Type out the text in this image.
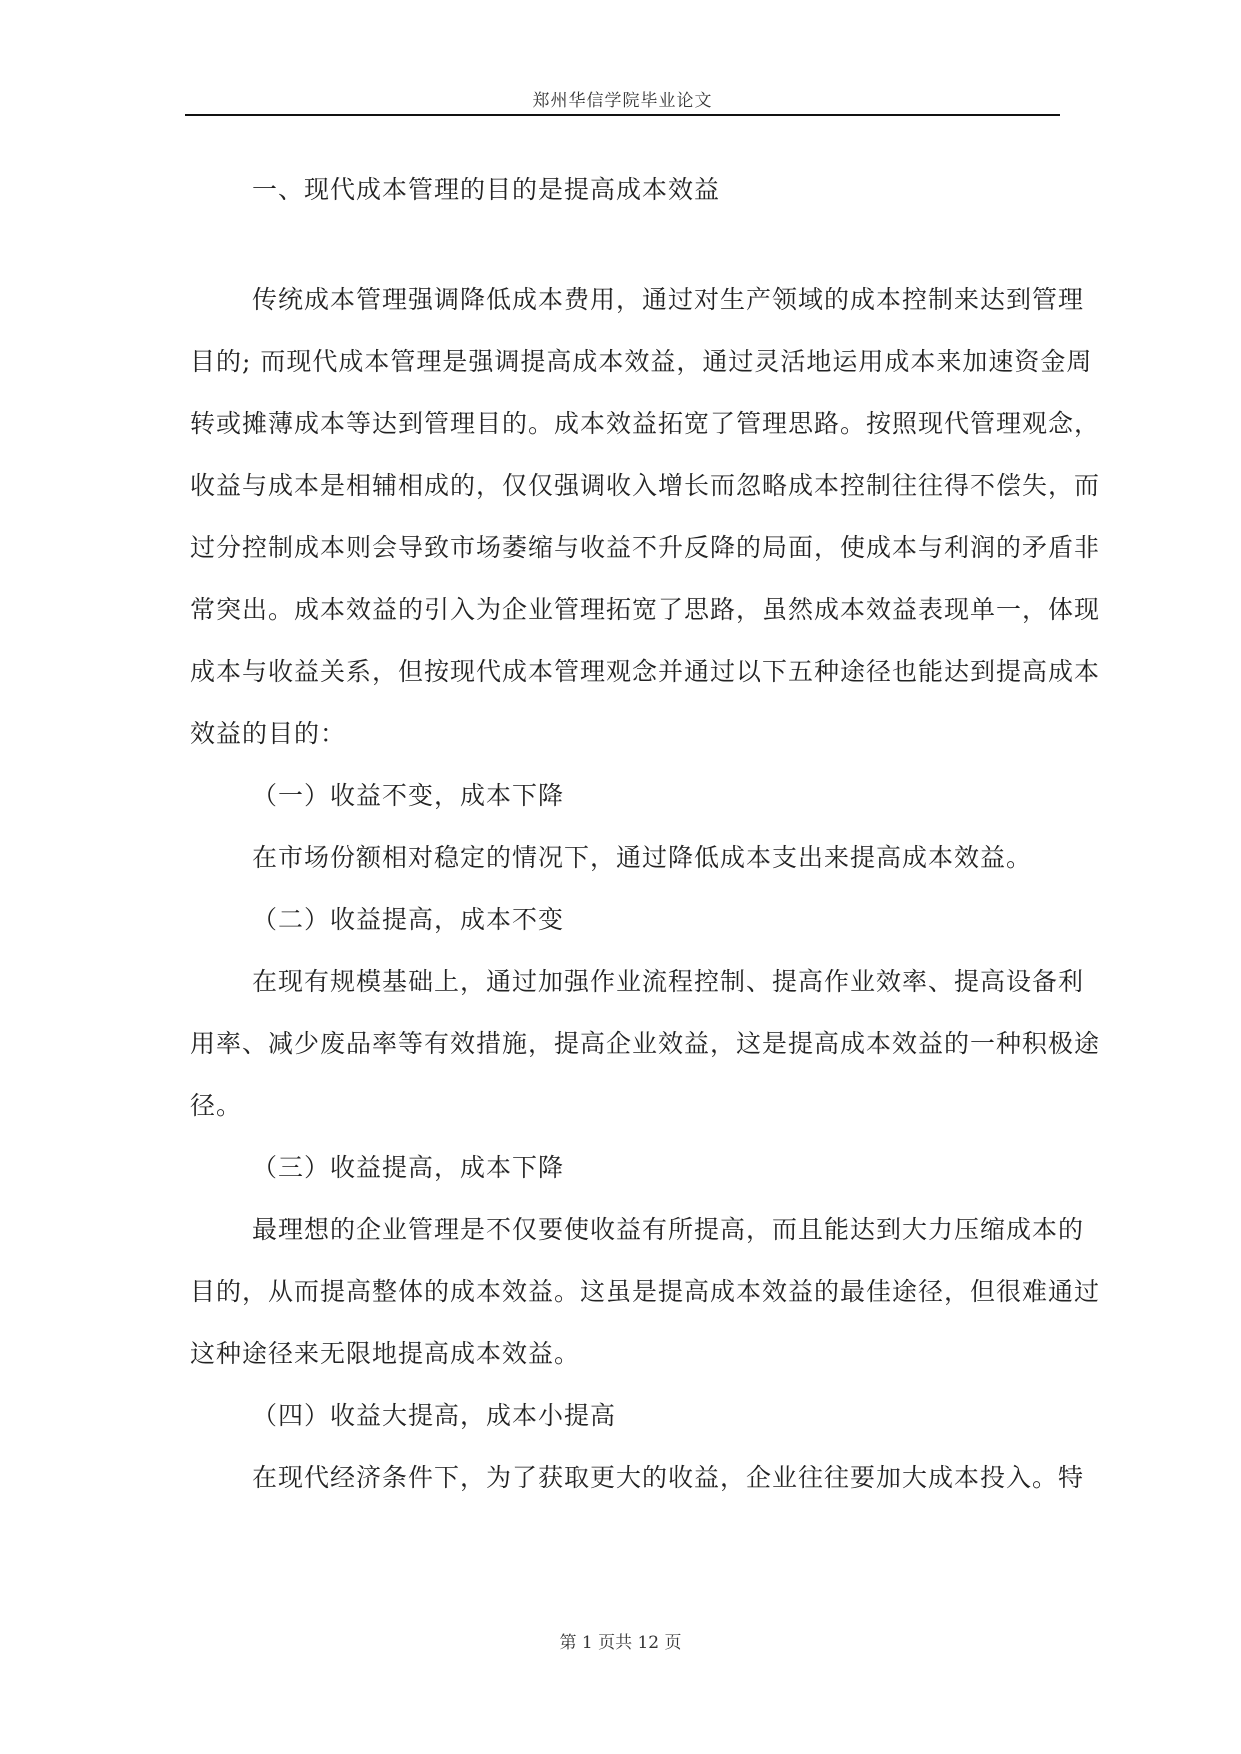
郑州华信学院毕业论文
一、现代成本管理的目的是提高成本效益
传统成本管理强调降低成本费用，通过对生产领域的成本控制来达到管理
目的; 而现代成本管理是强调提高成本效益，通过灵活地运用成本来加速资金周
转或摊薄成本等达到管理目的。成本效益拓宽了管理思路。按照现代管理观念，
收益与成本是相辅相成的，仅仅强调收入增长而忽略成本控制往往得不偿失，而
过分控制成本则会导致市场萎缩与收益不升反降的局面，使成本与利润的矛盾非
常突出。成本效益的引入为企业管理拓宽了思路，虽然成本效益表现单一，体现
成本与收益关系，但按现代成本管理观念并通过以下五种途径也能达到提高成本
效益的目的：
（一）收益不变，成本下降
在市场份额相对稳定的情况下，通过降低成本支出来提高成本效益。
（二）收益提高，成本不变
在现有规模基础上，通过加强作业流程控制、提高作业效率、提高设备利
用率、减少废品率等有效措施，提高企业效益，这是提高成本效益的一种积极途
径。
（三）收益提高，成本下降
最理想的企业管理是不仅要使收益有所提高，而且能达到大力压缩成本的
目的，从而提高整体的成本效益。这虽是提高成本效益的最佳途径，但很难通过
这种途径来无限地提高成本效益。
（四）收益大提高，成本小提高
在现代经济条件下，为了获取更大的收益，企业往往要加大成本投入。特
第 1 页共 12 页
